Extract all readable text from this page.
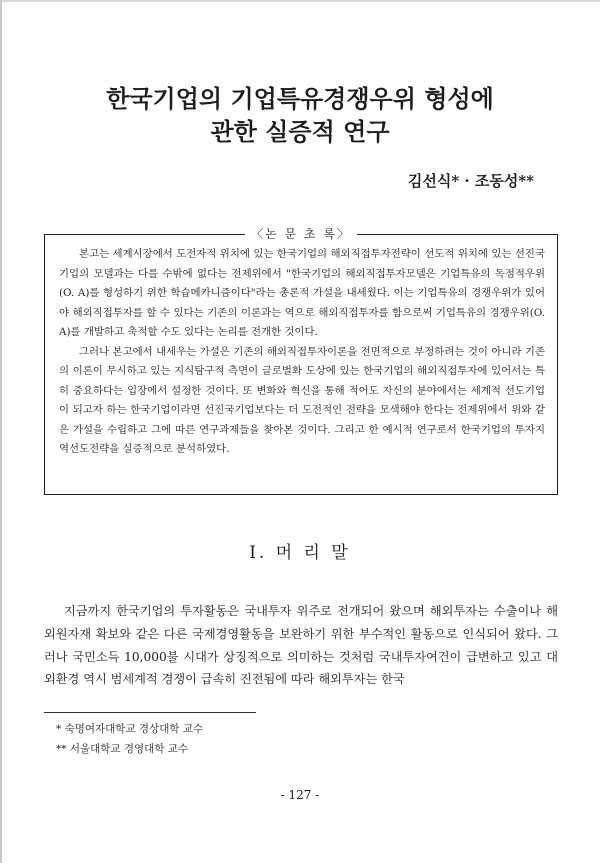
한국기업의 기업특유경쟁우위 형성에
관한 실증적 연구
김선식* · 조동성**
〈논 문 초 록〉

본고는 세계시장에서 도전자적 위치에 있는 한국기업의 해외직접투자전략이 선도적 위치에 있는 선진국기업의 모델과는 다를 수밖에 없다는 전제위에서 "한국기업의 해외직접투자모델은 기업특유의 독점적우위(O. A)를 형성하기 위한 학습메카니즘이다"라는 총론적 가설을 내세웠다. 이는 기업특유의 경쟁우위가 있어야 해외직접투자를 할 수 있다는 기존의 이론과는 역으로 해외직접투자를 함으로써 기업특유의 경쟁우위(O. A)를 개발하고 축적할 수도 있다는 논리를 전개한 것이다.

그러나 본고에서 내세우는 가설은 기존의 해외직접투자이론을 전면적으로 부정하려는 것이 아니라 기존의 이론이 무시하고 있는 지식탐구적 측면이 글로벌화 도상에 있는 한국기업의 해외직접투자에 있어서는 특히 중요하다는 입장에서 설정한 것이다. 또 변화와 혁신을 통해 적어도 자신의 분야에서는 세계적 선도기업이 되고자 하는 한국기업이라면 선진국기업보다는 더 도전적인 전략을 모색해야 한다는 전제위에서 위와 같은 가설을 수립하고 그에 따른 연구과제들을 찾아본 것이다. 그리고 한 예시적 연구로서 한국기업의 투자지역선도전략을 실증적으로 분석하였다.

Ⅰ. 머 리 말

지금까지 한국기업의 투자활동은 국내투자 위주로 전개되어 왔으며 해외투자는 수출이나 해외원자재 확보와 같은 다른 국제경영활동을 보완하기 위한 부수적인 활동으로 인식되어 왔다. 그러나 국민소득 10,000불 시대가 상징적으로 의미하는 것처럼 국내투자여건이 급변하고 있고 대외환경 역시 범세계적 경쟁이 급속히 진전됨에 따라 해외투자는 한국

* 숙명여자대학교 경상대학 교수
** 서울대학교 경영대학 교수
- 127 -
